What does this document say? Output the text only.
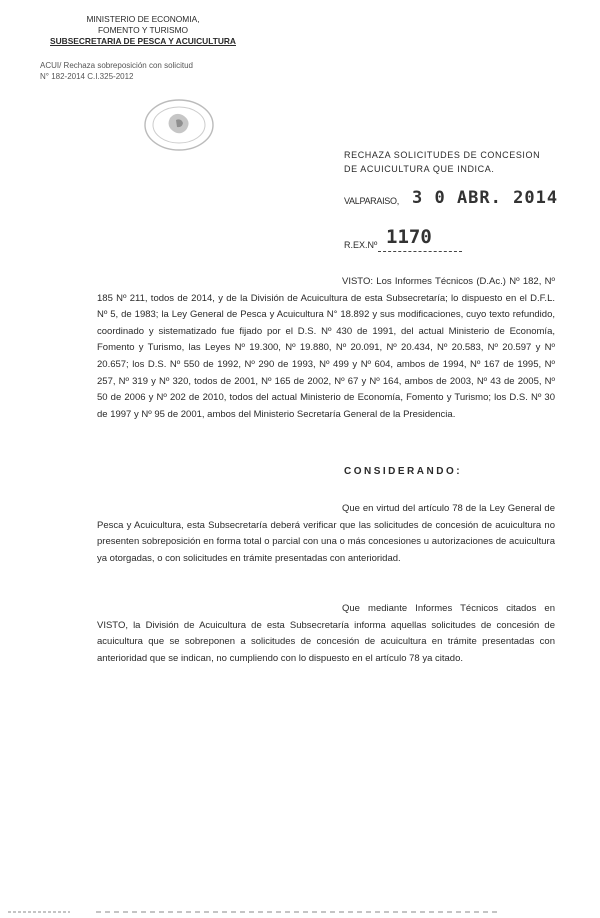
MINISTERIO DE ECONOMIA,
FOMENTO Y TURISMO
SUBSECRETARIA DE PESCA Y ACUICULTURA
ACUI/ Rechaza sobreposición con solicitud
N° 182-2014 C.I.325-2012
RECHAZA SOLICITUDES DE CONCESION DE ACUICULTURA QUE INDICA.
VALPARAISO, 3 0 ABR. 2014
R.EX.Nº 1170

VISTO: Los Informes Técnicos (D.Ac.) Nº 182, Nº 185 Nº 211, todos de 2014, y de la División de Acuicultura de esta Subsecretaría; lo dispuesto en el D.F.L. Nº 5, de 1983; la Ley General de Pesca y Acuicultura N° 18.892 y sus modificaciones, cuyo texto refundido, coordinado y sistematizado fue fijado por el D.S. Nº 430 de 1991, del actual Ministerio de Economía, Fomento y Turismo, las Leyes Nº 19.300, Nº 19.880, Nº 20.091, Nº 20.434, Nº 20.583, Nº 20.597 y Nº 20.657; los D.S. Nº 550 de 1992, Nº 290 de 1993, Nº 499 y Nº 604, ambos de 1994, Nº 167 de 1995, Nº 257, Nº 319 y Nº 320, todos de 2001, Nº 165 de 2002, Nº 67 y Nº 164, ambos de 2003, Nº 43 de 2005, Nº 50 de 2006 y Nº 202 de 2010, todos del actual Ministerio de Economía, Fomento y Turismo; los D.S. Nº 30 de 1997 y Nº 95 de 2001, ambos del Ministerio Secretaría General de la Presidencia.

CONSIDERANDO:

Que en virtud del artículo 78 de la Ley General de Pesca y Acuicultura, esta Subsecretaría deberá verificar que las solicitudes de concesión de acuicultura no presenten sobreposición en forma total o parcial con una o más concesiones u autorizaciones de acuicultura ya otorgadas, o con solicitudes en trámite presentadas con anterioridad.

Que mediante Informes Técnicos citados en VISTO, la División de Acuicultura de esta Subsecretaría informa aquellas solicitudes de concesión de acuicultura que se sobreponen a solicitudes de concesión de acuicultura en trámite presentadas con anterioridad que se indican, no cumpliendo con lo dispuesto en el artículo 78 ya citado.
